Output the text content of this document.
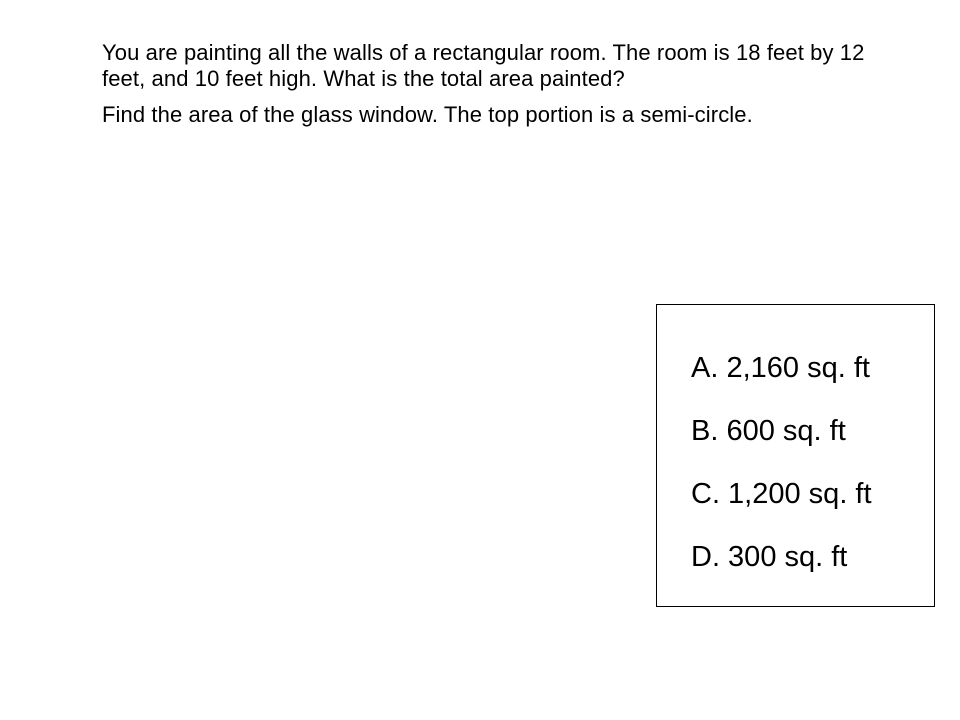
You are painting all the walls of a rectangular room. The room is 18 feet by 12 feet, and 10 feet high. What is the total area painted?

Find the area of the glass window. The top portion is a semi-circle.

A. 2,160 sq. ft
B. 600 sq. ft
C. 1,200 sq. ft
D. 300 sq. ft
